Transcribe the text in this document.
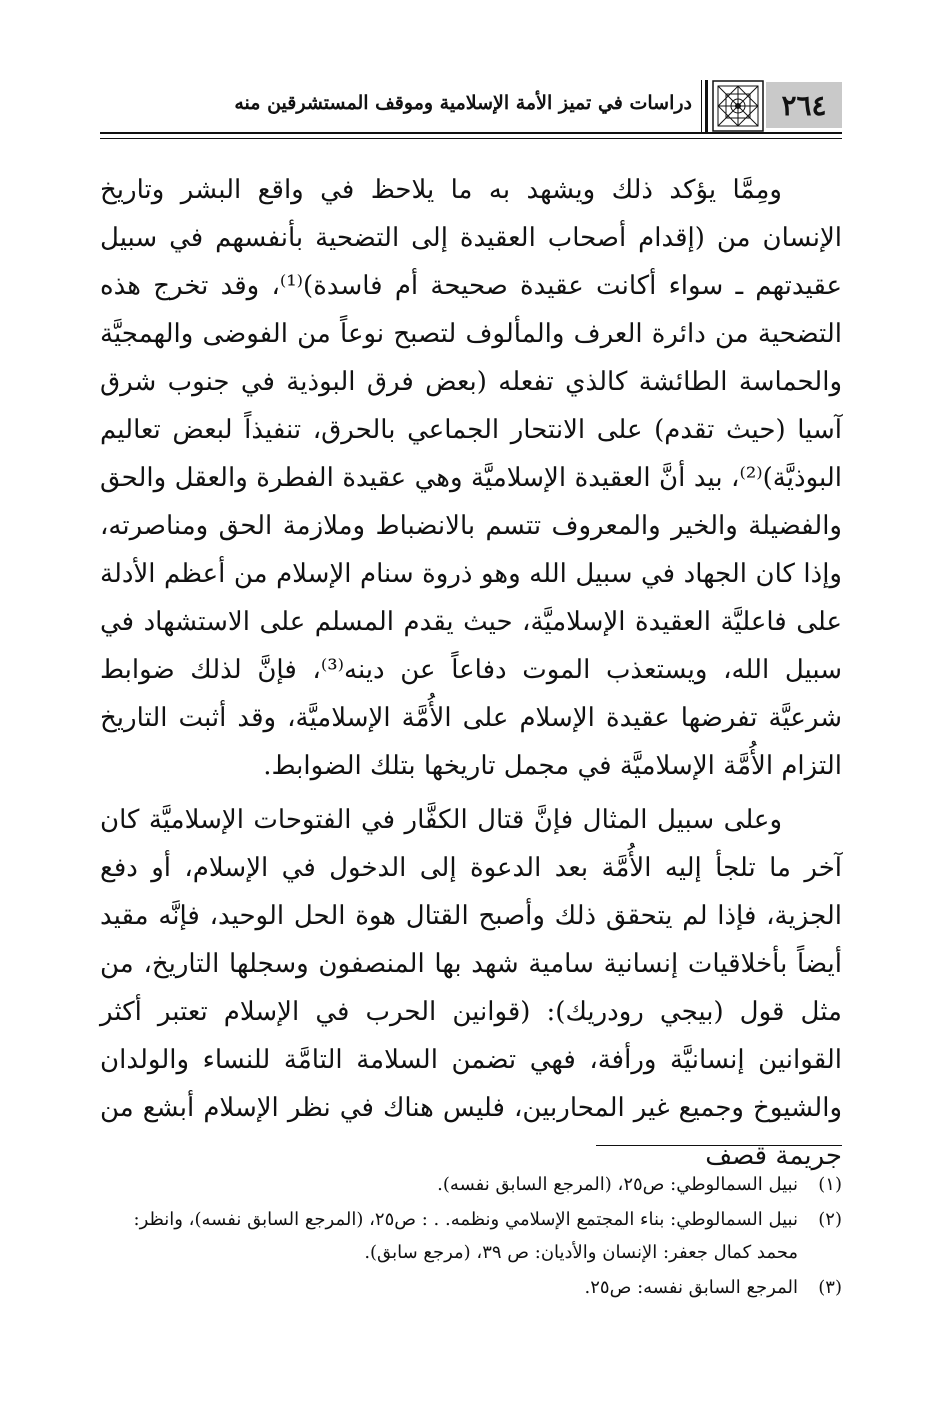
٢٦٤
دراسات في تميز الأمة الإسلامية وموقف المستشرقين منه

ومِمَّا يؤكد ذلك ويشهد به ما يلاحظ في واقع البشر وتاريخ الإنسان من (إقدام أصحاب العقيدة إلى التضحية بأنفسهم في سبيل عقيدتهم ـ سواء أكانت عقيدة صحيحة أم فاسدة)⁽¹⁾، وقد تخرج هذه التضحية من دائرة العرف والمألوف لتصبح نوعاً من الفوضى والهمجيَّة والحماسة الطائشة كالذي تفعله (بعض فرق البوذية في جنوب شرق آسيا (حيث تقدم) على الانتحار الجماعي بالحرق، تنفيذاً لبعض تعاليم البوذيَّة)⁽²⁾، بيد أنَّ العقيدة الإسلاميَّة وهي عقيدة الفطرة والعقل والحق والفضيلة والخير والمعروف تتسم بالانضباط وملازمة الحق ومناصرته، وإذا كان الجهاد في سبيل الله وهو ذروة سنام الإسلام من أعظم الأدلة على فاعليَّة العقيدة الإسلاميَّة، حيث يقدم المسلم على الاستشهاد في سبيل الله، ويستعذب الموت دفاعاً عن دينه⁽³⁾، فإنَّ لذلك ضوابط شرعيَّة تفرضها عقيدة الإسلام على الأُمَّة الإسلاميَّة، وقد أثبت التاريخ التزام الأُمَّة الإسلاميَّة في مجمل تاريخها بتلك الضوابط.

وعلى سبيل المثال فإنَّ قتال الكفَّار في الفتوحات الإسلاميَّة كان آخر ما تلجأ إليه الأُمَّة بعد الدعوة إلى الدخول في الإسلام، أو دفع الجزية، فإذا لم يتحقق ذلك وأصبح القتال هوة الحل الوحيد، فإنَّه مقيد أيضاً بأخلاقيات إنسانية سامية شهد بها المنصفون وسجلها التاريخ، من مثل قول (بيجي رودريك): (قوانين الحرب في الإسلام تعتبر أكثر القوانين إنسانيَّة ورأفة، فهي تضمن السلامة التامَّة للنساء والولدان والشيوخ وجميع غير المحاربين، فليس هناك في نظر الإسلام أبشع من جريمة قصف

(١)
نبيل السمالوطي: ص٢٥، (المرجع السابق نفسه).
(٢)
نبيل السمالوطي: بناء المجتمع الإسلامي ونظمه. . : ص٢٥، (المرجع السابق نفسه)، وانظر: محمد كمال جعفر: الإنسان والأديان: ص ٣٩، (مرجع سابق).
(٣)
المرجع السابق نفسه: ص٢٥.
